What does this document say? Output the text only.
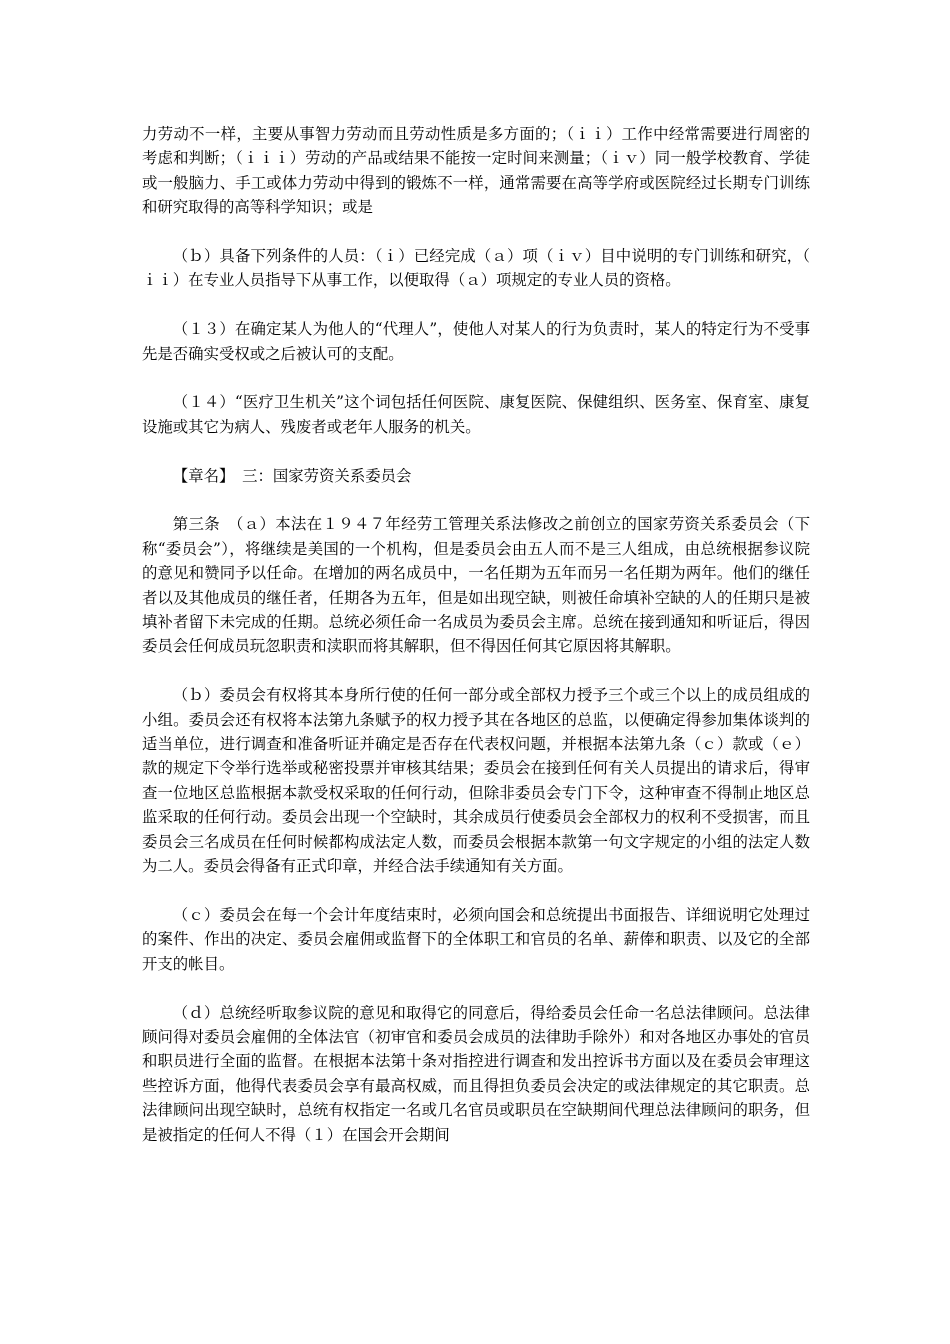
力劳动不一样，主要从事智力劳动而且劳动性质是多方面的；（ｉｉ）工作中经常需要进行周密的考虑和判断；（ｉｉｉ）劳动的产品或结果不能按一定时间来测量；（ｉｖ）同一般学校教育、学徒或一般脑力、手工或体力劳动中得到的锻炼不一样，通常需要在高等学府或医院经过长期专门训练和研究取得的高等科学知识；或是

（ｂ）具备下列条件的人员：（ｉ）已经完成（ａ）项（ｉｖ）目中说明的专门训练和研究，（ｉｉ）在专业人员指导下从事工作，以便取得（ａ）项规定的专业人员的资格。

（１３）在确定某人为他人的“代理人”，使他人对某人的行为负责时，某人的特定行为不受事先是否确实受权或之后被认可的支配。

（１４）“医疗卫生机关”这个词包括任何医院、康复医院、保健组织、医务室、保育室、康复设施或其它为病人、残废者或老年人服务的机关。

【章名】　 三：国家劳资关系委员会

第三条　（ａ）本法在１９４７年经劳工管理关系法修改之前创立的国家劳资关系委员会（下称“委员会”），将继续是美国的一个机构，但是委员会由五人而不是三人组成，由总统根据参议院的意见和赞同予以任命。在增加的两名成员中，一名任期为五年而另一名任期为两年。他们的继任者以及其他成员的继任者，任期各为五年，但是如出现空缺，则被任命填补空缺的人的任期只是被填补者留下未完成的任期。总统必须任命一名成员为委员会主席。总统在接到通知和听证后，得因委员会任何成员玩忽职责和渎职而将其解职，但不得因任何其它原因将其解职。

（ｂ）委员会有权将其本身所行使的任何一部分或全部权力授予三个或三个以上的成员组成的小组。委员会还有权将本法第九条赋予的权力授予其在各地区的总监，以便确定得参加集体谈判的适当单位，进行调查和准备听证并确定是否存在代表权问题，并根据本法第九条（ｃ）款或（ｅ）款的规定下令举行选举或秘密投票并审核其结果；委员会在接到任何有关人员提出的请求后，得审查一位地区总监根据本款受权采取的任何行动，但除非委员会专门下令，这种审查不得制止地区总监采取的任何行动。委员会出现一个空缺时，其余成员行使委员会全部权力的权利不受损害，而且委员会三名成员在任何时候都构成法定人数，而委员会根据本款第一句文字规定的小组的法定人数为二人。委员会得备有正式印章，并经合法手续通知有关方面。

（ｃ）委员会在每一个会计年度结束时，必须向国会和总统提出书面报告、详细说明它处理过的案件、作出的决定、委员会雇佣或监督下的全体职工和官员的名单、薪俸和职责、以及它的全部开支的帐目。

（ｄ）总统经听取参议院的意见和取得它的同意后，得给委员会任命一名总法律顾问。总法律顾问得对委员会雇佣的全体法官（初审官和委员会成员的法律助手除外）和对各地区办事处的官员和职员进行全面的监督。在根据本法第十条对指控进行调查和发出控诉书方面以及在委员会审理这些控诉方面，他得代表委员会享有最高权威，而且得担负委员会决定的或法律规定的其它职责。总法律顾问出现空缺时，总统有权指定一名或几名官员或职员在空缺期间代理总法律顾问的职务，但是被指定的任何人不得（１）在国会开会期间
